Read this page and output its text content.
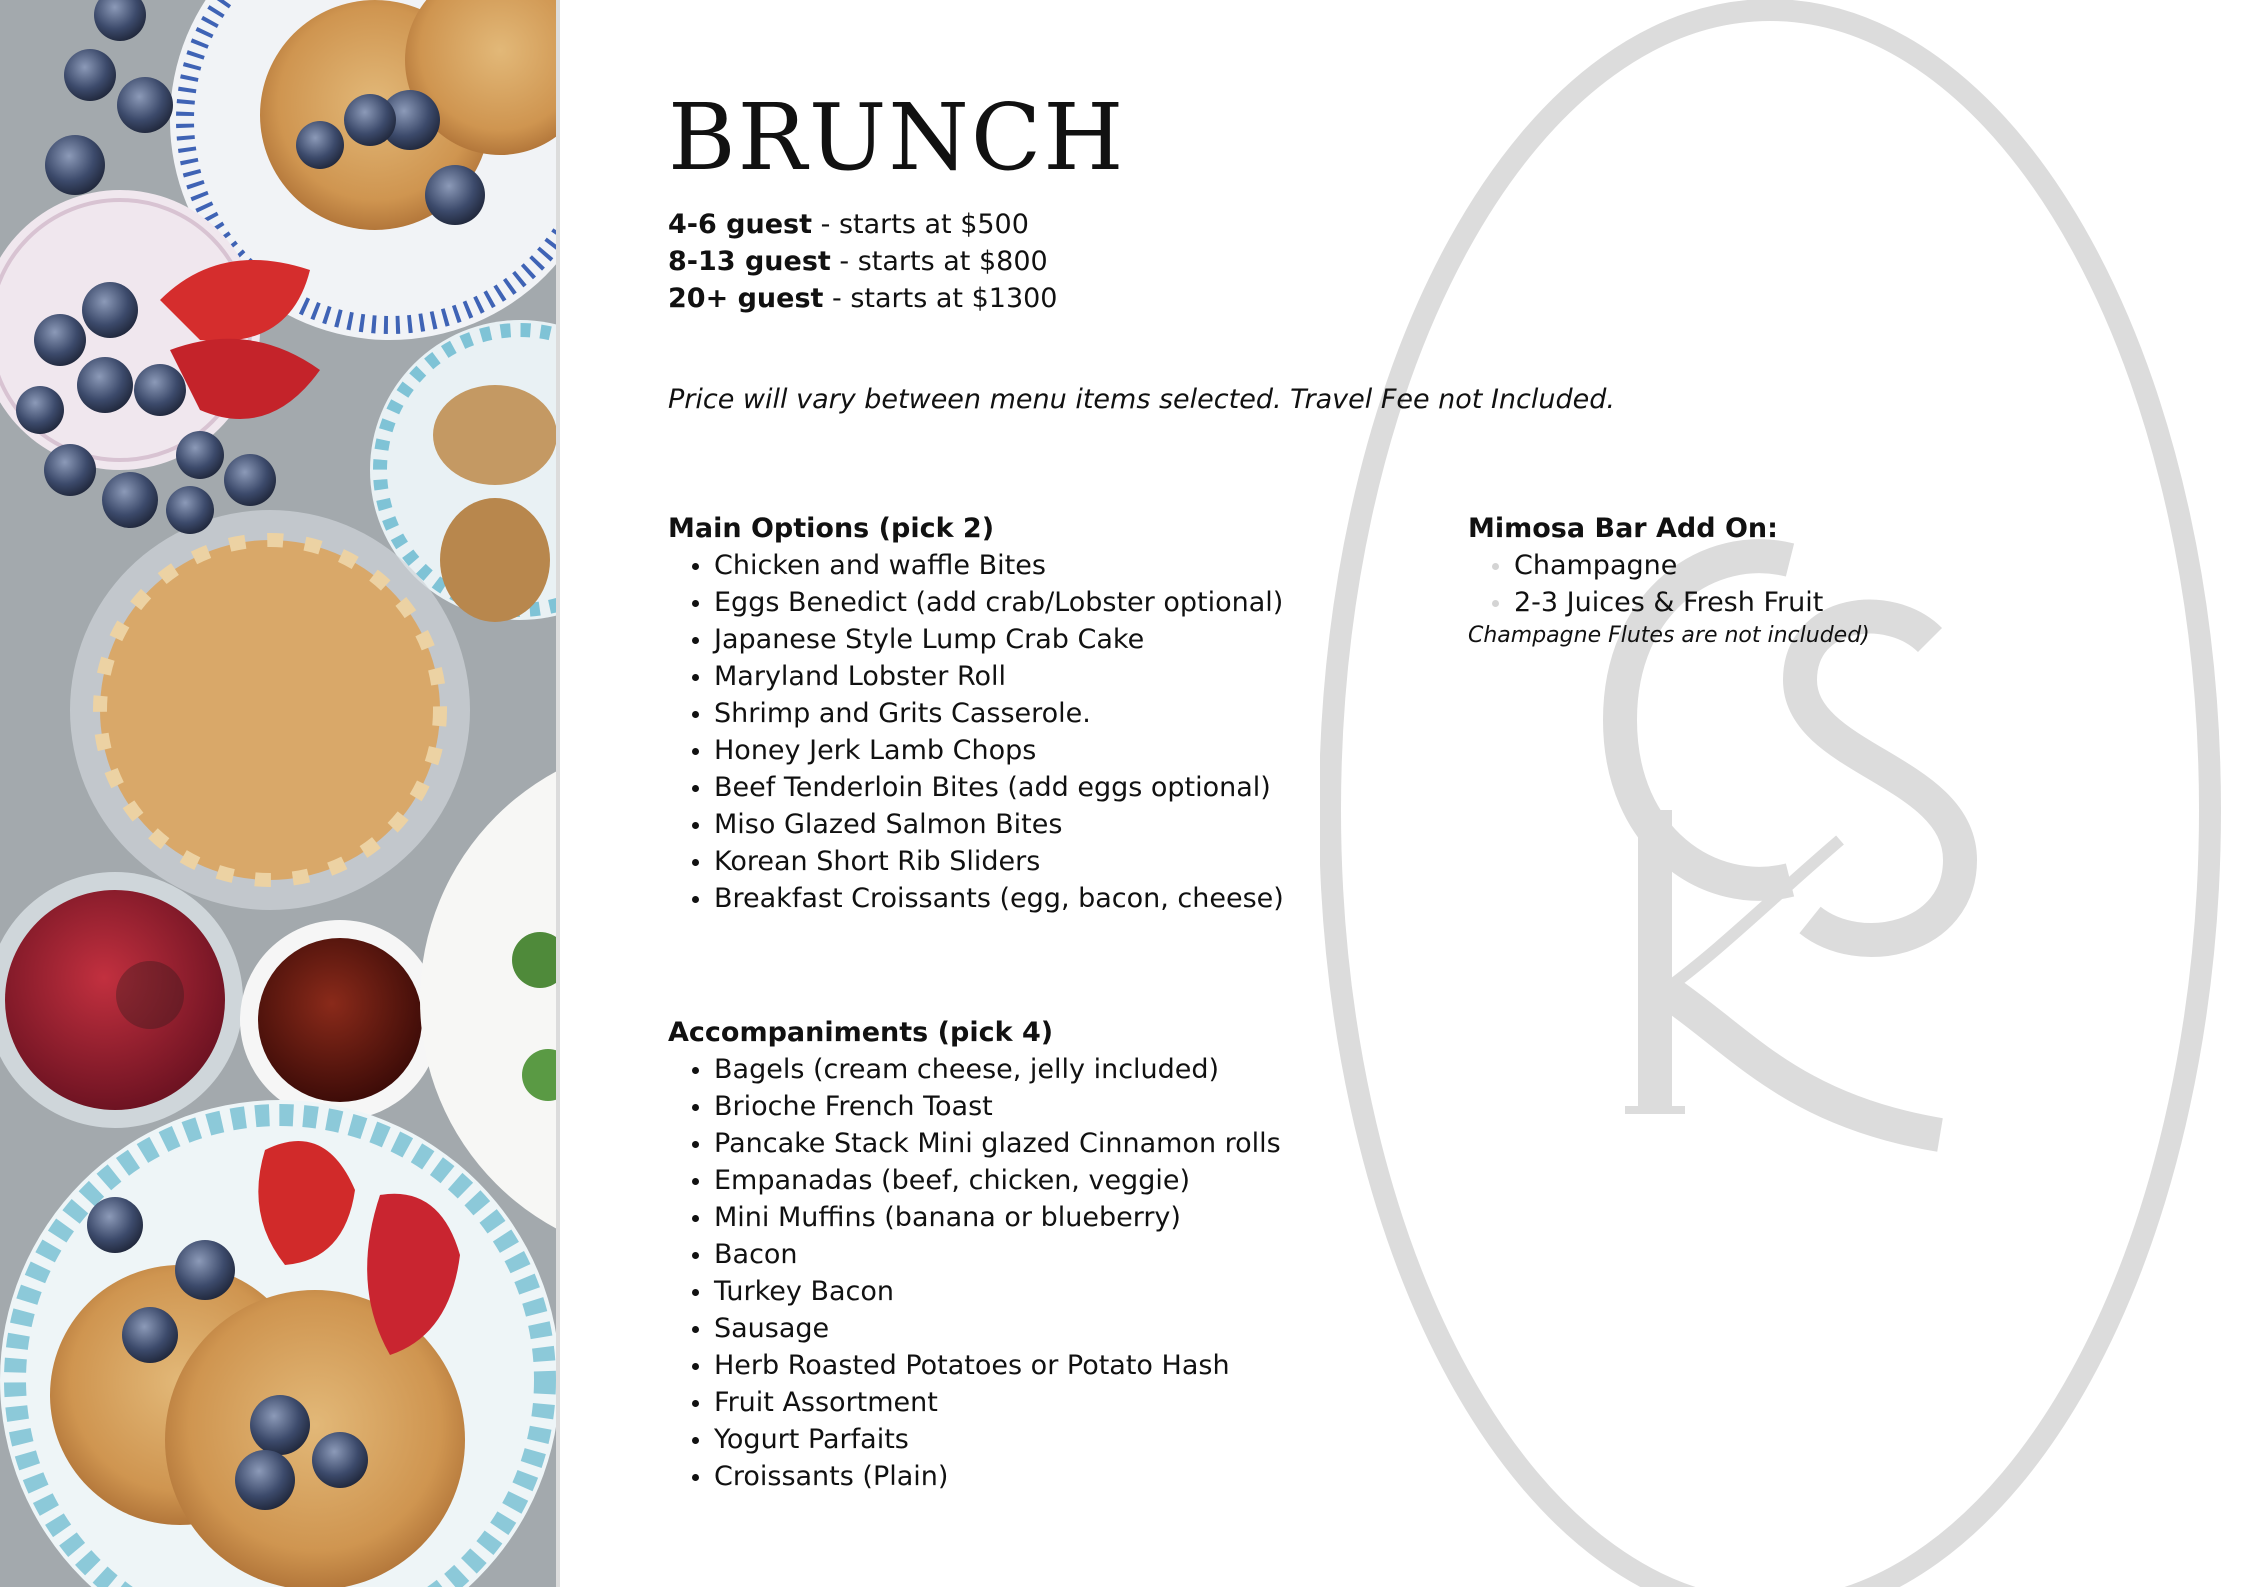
BRUNCH
4-6 guest - starts at $500
8-13 guest - starts at $800
20+ guest - starts at $1300
Price will vary between menu items selected. Travel Fee not Included.
Main Options (pick 2)
Chicken and waffle Bites
Eggs Benedict (add crab/Lobster optional)
Japanese Style Lump Crab Cake
Maryland Lobster Roll
Shrimp and Grits Casserole.
Honey Jerk Lamb Chops
Beef Tenderloin Bites (add eggs optional)
Miso Glazed Salmon Bites
Korean Short Rib Sliders
Breakfast Croissants (egg, bacon, cheese)
Accompaniments (pick 4)
Bagels (cream cheese, jelly included)
Brioche French Toast
Pancake Stack Mini glazed Cinnamon rolls
Empanadas (beef, chicken, veggie)
Mini Muffins (banana or blueberry)
Bacon
Turkey Bacon
Sausage
Herb Roasted Potatoes or Potato Hash
Fruit Assortment
Yogurt Parfaits
Croissants (Plain)
Mimosa Bar Add On:
Champagne
2-3 Juices & Fresh Fruit
Champagne Flutes are not included)
